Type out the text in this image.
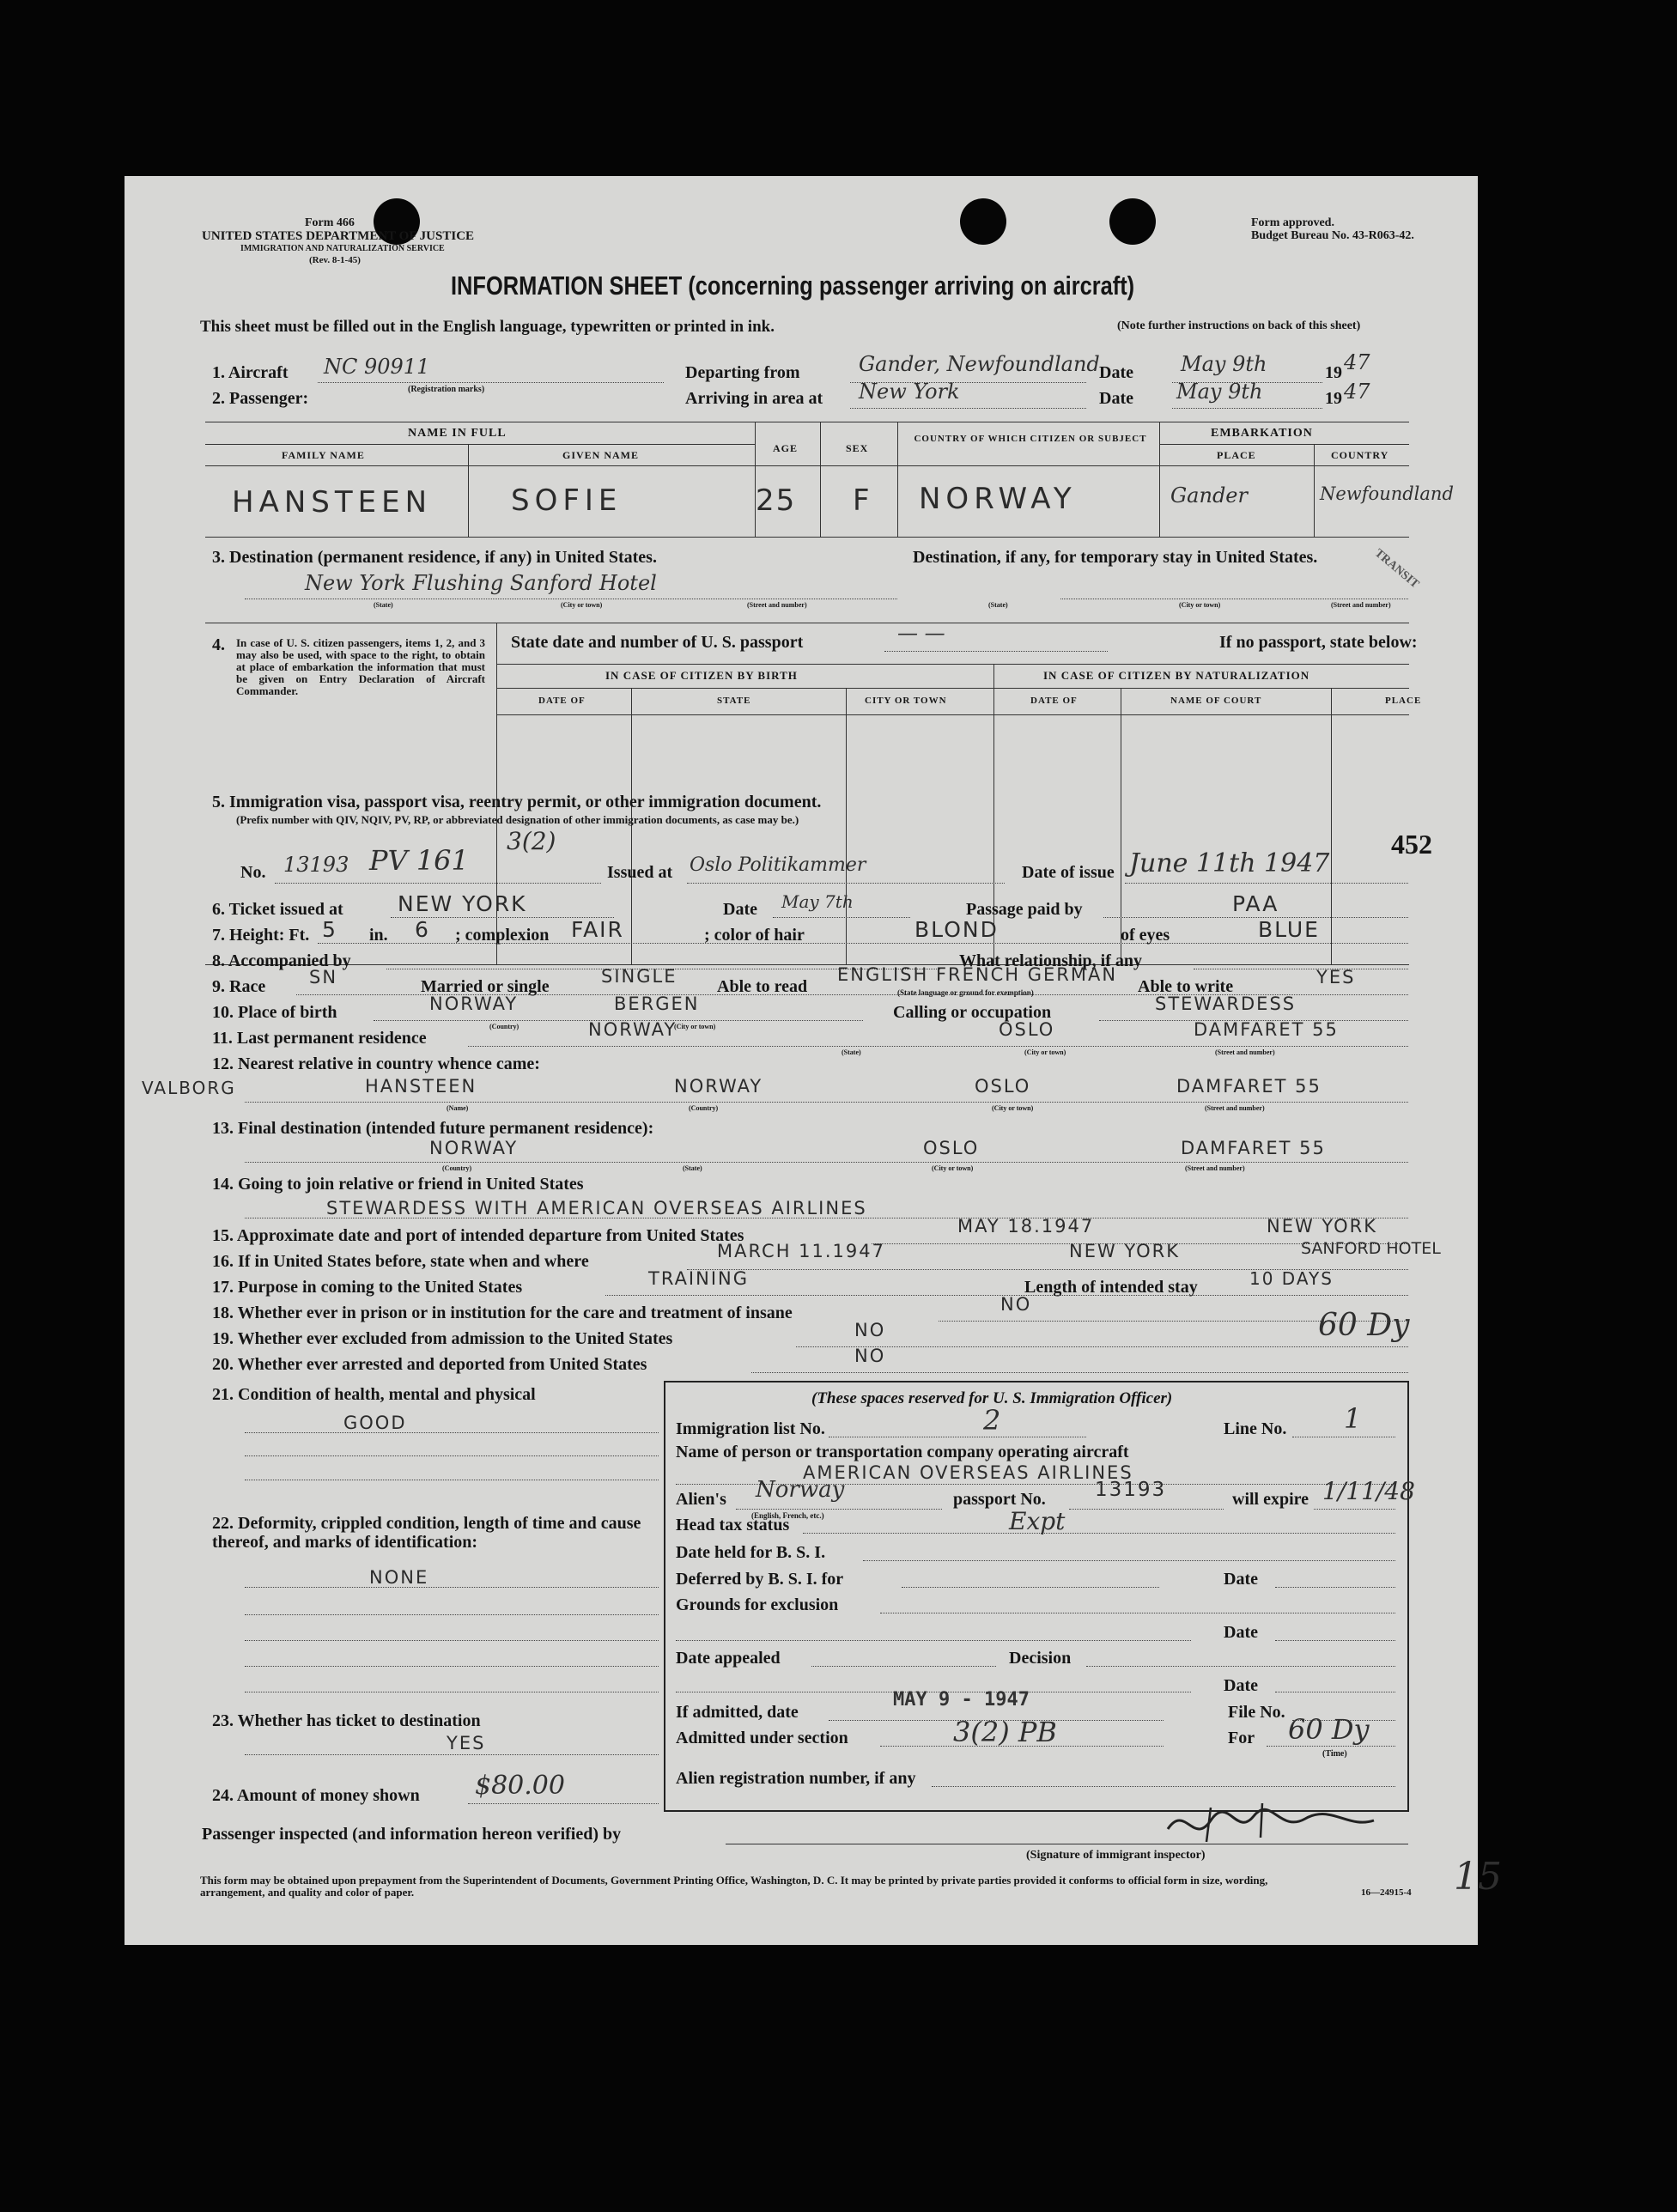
Form 466
UNITED STATES DEPARTMENT OF JUSTICE
IMMIGRATION AND NATURALIZATION SERVICE
(Rev. 8-1-45)
Form approved.
Budget Bureau No. 43-R063-42.
INFORMATION SHEET (concerning passenger arriving on aircraft)
This sheet must be filled out in the English language, typewritten or printed in ink.	(Note further instructions on back of this sheet)
1. Aircraft NC 90911
(Registration marks)
Departing from	Gander, Newfoundland Date May 9th	19 47
2. Passenger:	Arriving in area at New York	Date May 9th	19 47
NAME IN FULL
FAMILY NAME	GIVEN NAME
AGE	SEX
COUNTRY OF WHICH CITIZEN OR SUBJECT	EMBARKATION
PLACE	COUNTRY
HANSTEEN	SOFIE	25 F NORWAY	Gander	Newfoundland
3. Destination (permanent residence, if any) in United States.	Destination, if any, for temporary stay in United States.
New York Flushing Sanford Hotel	TRANSIT
(State)	(City or town)	(Street and number)	(State)	(City or town)	(Street and number)
4. In case of U. S. citizen passengers, items 1, 2, and 3 may also be used, with space to the right, to obtain at place of embarkation the information that must be given on Entry Declaration of Aircraft Commander.
State date and number of U. S. passport	— —	If no passport, state below:
IN CASE OF CITIZEN BY BIRTH	IN CASE OF CITIZEN BY NATURALIZATION
DATE OF	STATE	CITY OR TOWN	DATE OF	NAME OF COURT	PLACE
5. Immigration visa, passport visa, reentry permit, or other immigration document.
(Prefix number with QIV, NQIV, PV, RP, or abbreviated designation of other immigration documents, as case may be.)
452
No. 13193 PV 161
3(2)
Issued at Oslo Politikammer	Date of issue June 11th 1947
6. Ticket issued at	NEW YORK	Date May 7th	Passage paid by	PAA
7. Height: Ft. 5 in. 6 ; complexion FAIR	; color of hair	BLOND	of eyes	BLUE
8. Accompanied by	What relationship, if any
9. Race SN	Married or single	SINGLE Able to read
ENGLISH FRENCH GERMAN
(State language or ground for exemption)	Able to write	YES
10. Place of birth	NORWAY	BERGEN	Calling or occupation	STEWARDESS
(Country)	(City or town)
11. Last permanent residence	NORWAY	OSLO	DAMFARET 55
(State)	(City or town)	(Street and number)
12. Nearest relative in country whence came:
VALBORG	HANSTEEN	NORWAY	OSLO	DAMFARET 55
(Name)	(Country)	(City or town)	(Street and number)
13. Final destination (intended future permanent residence):
NORWAY	OSLO	DAMFARET 55
(Country)	(State)	(City or town)	(Street and number)
14. Going to join relative or friend in United States
STEWARDESS WITH AMERICAN OVERSEAS AIRLINES
15. Approximate date and port of intended departure from United States	MAY 18.1947	NEW YORK
16. If in United States before, state when and where	MARCH 11.1947	NEW YORK	SANFORD HOTEL
17. Purpose in coming to the United States	TRAINING	Length of intended stay	10 DAYS
18. Whether ever in prison or in institution for the care and treatment of insane	NO
19. Whether ever excluded from admission to the United States	NO	60 Dy
20. Whether ever arrested and deported from United States	NO
21. Condition of health, mental and physical
GOOD
22. Deformity, crippled condition, length of time and cause thereof, and marks of identification:
NONE
23. Whether has ticket to destination
YES
24. Amount of money shown $80.00
(These spaces reserved for U. S. Immigration Officer)
Immigration list No.	2	Line No. 1
Name of person or transportation company operating aircraft
AMERICAN OVERSEAS AIRLINES
Alien's Norway
(English, French, etc.)
passport No. 13193	will expire 1/11/48
Head tax status	Expt
Date held for B. S. I.
Deferred by B. S. I. for	Date
Grounds for exclusion
Date
Date appealed	Decision
Date
If admitted, date
MAY 9 - 1947
File No.
Admitted under section	3(2) PB	For 60 Dy
(Time)
Alien registration number, if any
Passenger inspected (and information hereon verified) by
(Signature of immigrant inspector)
This form may be obtained upon prepayment from the Superintendent of Documents, Government Printing Office, Washington, D. C. It may be printed by private parties provided it conforms to official form in size, wording, arrangement, and quality and color of paper.	16—24915-4 15
